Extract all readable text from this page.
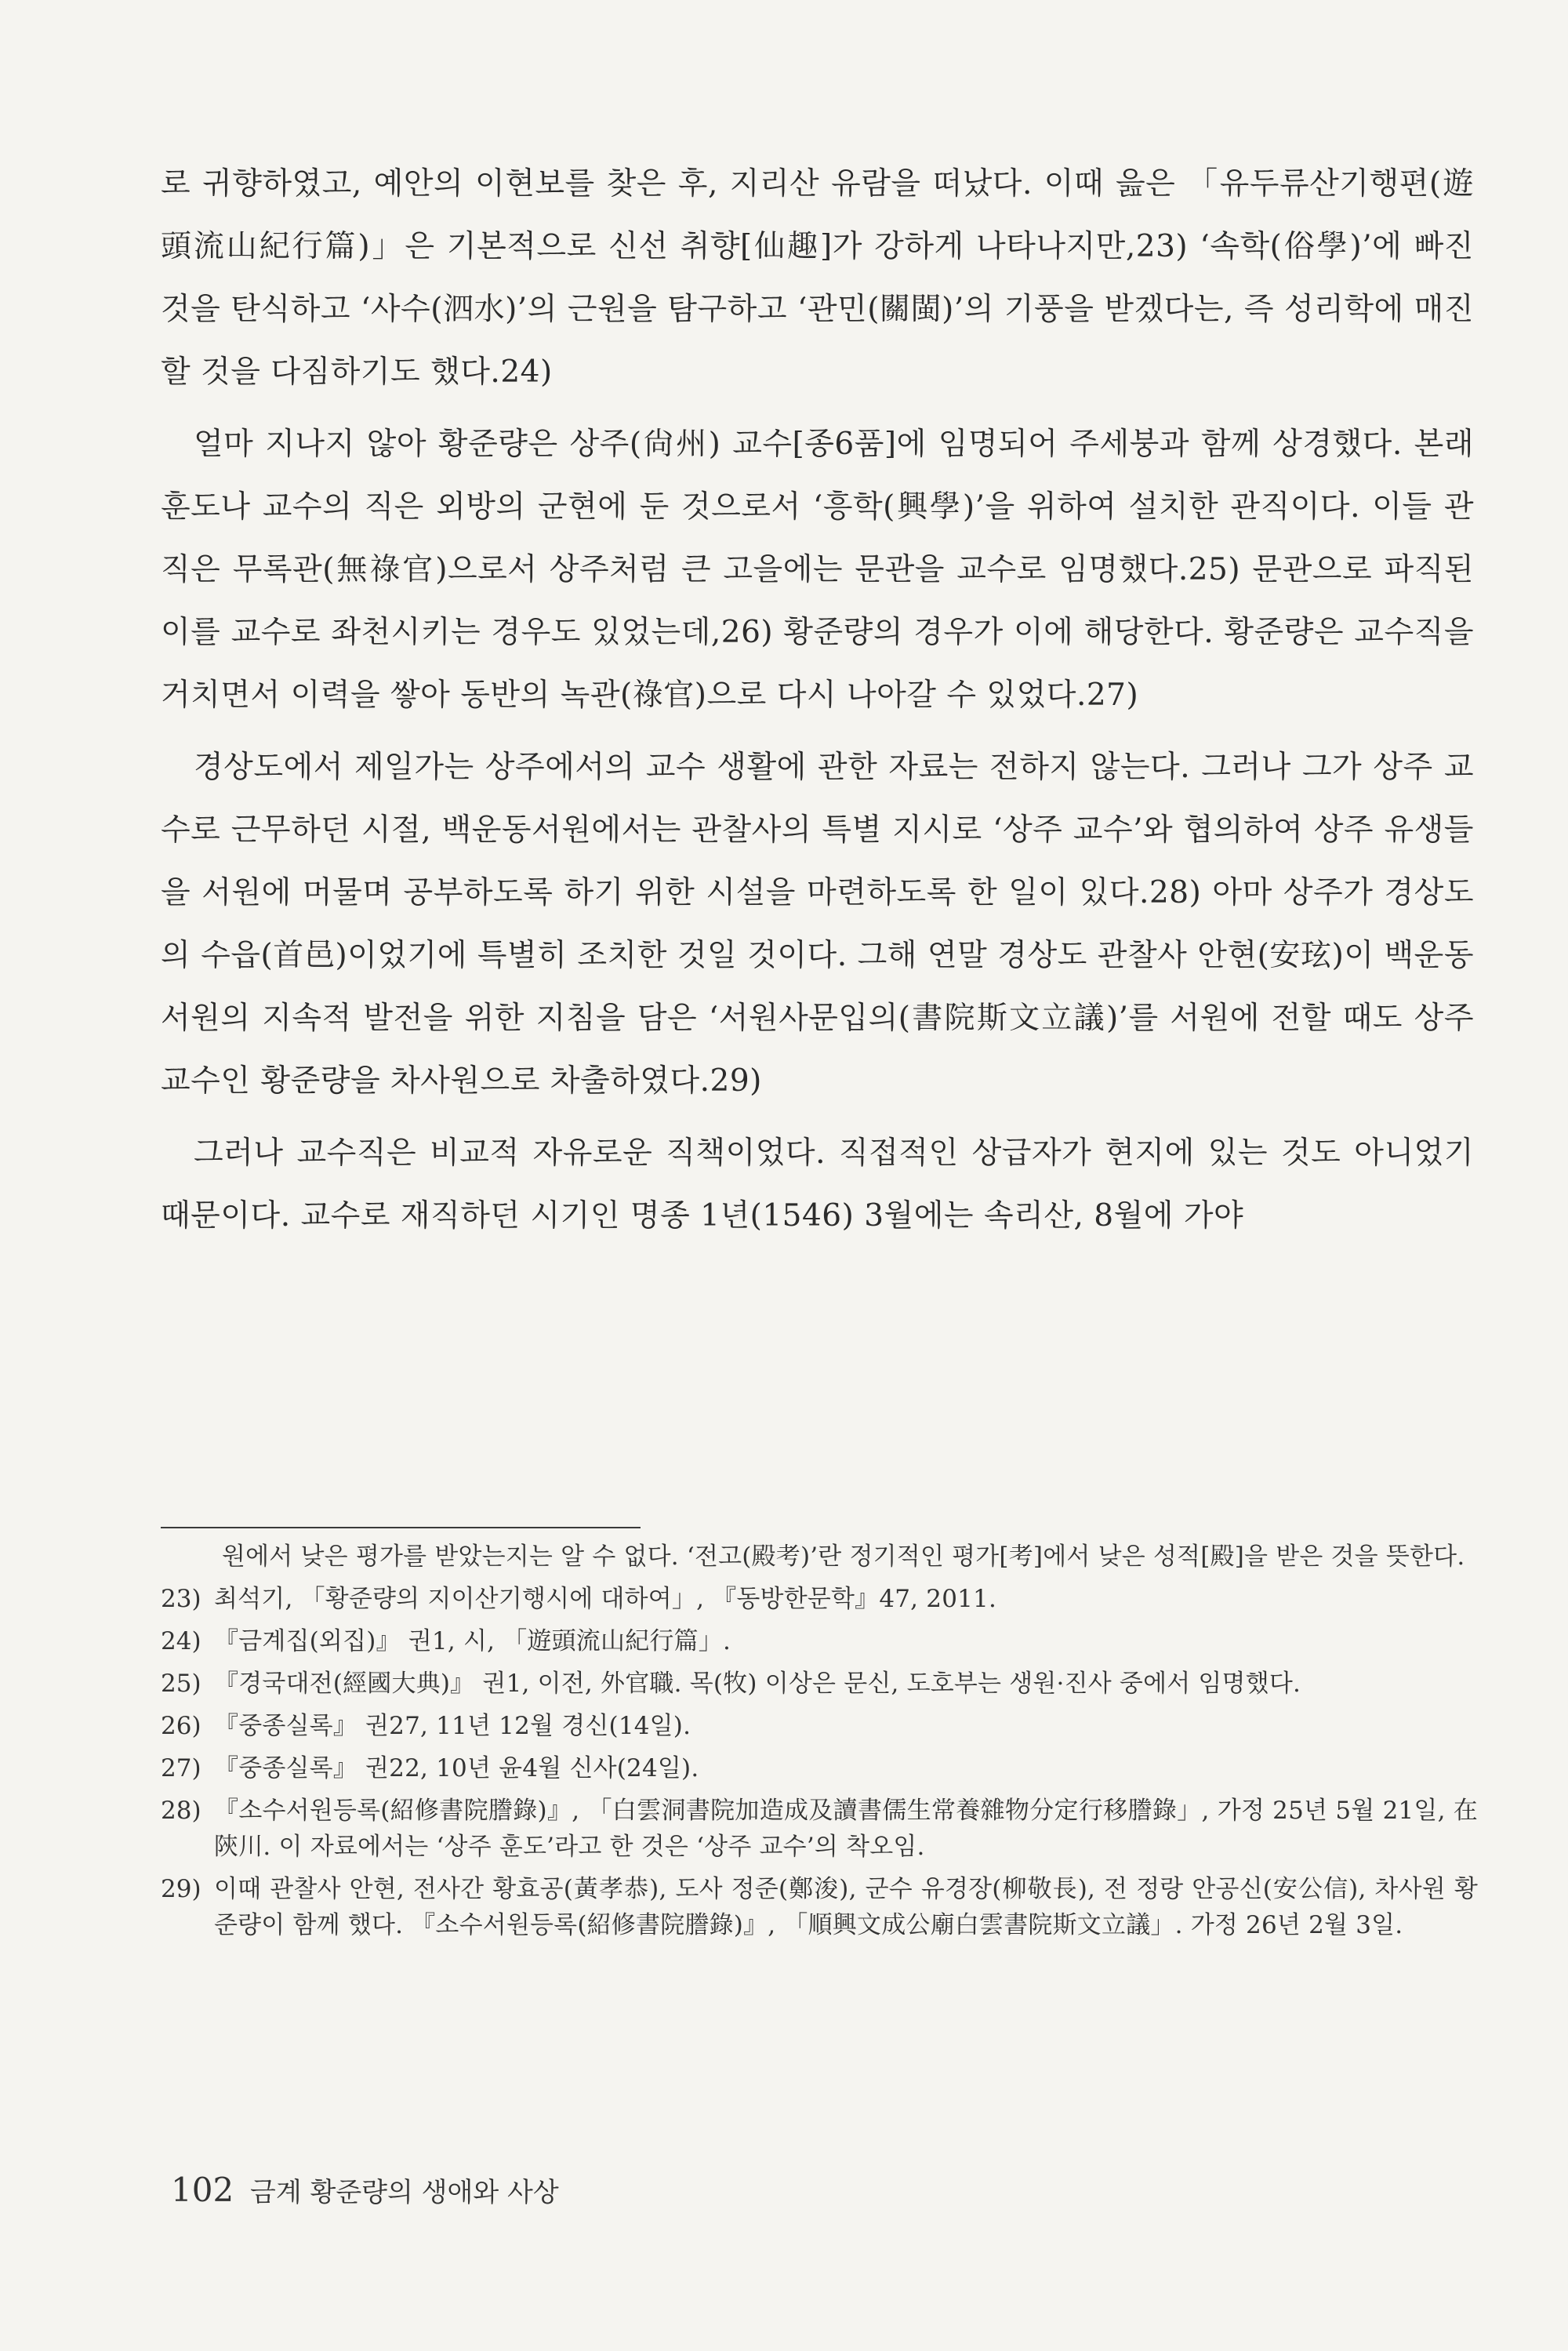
로 귀향하였고, 예안의 이현보를 찾은 후, 지리산 유람을 떠났다. 이때 읊은 「유두류산기행편(遊頭流山紀行篇)」은 기본적으로 신선 취향[仙趣]가 강하게 나타나지만,23) ‘속학(俗學)’에 빠진 것을 탄식하고 ‘사수(泗水)’의 근원을 탐구하고 ‘관민(關閩)’의 기풍을 받겠다는, 즉 성리학에 매진할 것을 다짐하기도 했다.24)

얼마 지나지 않아 황준량은 상주(尙州) 교수[종6품]에 임명되어 주세붕과 함께 상경했다. 본래 훈도나 교수의 직은 외방의 군현에 둔 것으로서 ‘흥학(興學)’을 위하여 설치한 관직이다. 이들 관직은 무록관(無祿官)으로서 상주처럼 큰 고을에는 문관을 교수로 임명했다.25) 문관으로 파직된 이를 교수로 좌천시키는 경우도 있었는데,26) 황준량의 경우가 이에 해당한다. 황준량은 교수직을 거치면서 이력을 쌓아 동반의 녹관(祿官)으로 다시 나아갈 수 있었다.27)

경상도에서 제일가는 상주에서의 교수 생활에 관한 자료는 전하지 않는다. 그러나 그가 상주 교수로 근무하던 시절, 백운동서원에서는 관찰사의 특별 지시로 ‘상주 교수’와 협의하여 상주 유생들을 서원에 머물며 공부하도록 하기 위한 시설을 마련하도록 한 일이 있다.28) 아마 상주가 경상도의 수읍(首邑)이었기에 특별히 조치한 것일 것이다. 그해 연말 경상도 관찰사 안현(安玹)이 백운동서원의 지속적 발전을 위한 지침을 담은 ‘서원사문입의(書院斯文立議)’를 서원에 전할 때도 상주 교수인 황준량을 차사원으로 차출하였다.29)

그러나 교수직은 비교적 자유로운 직책이었다. 직접적인 상급자가 현지에 있는 것도 아니었기 때문이다. 교수로 재직하던 시기인 명종 1년(1546) 3월에는 속리산, 8월에 가야

원에서 낮은 평가를 받았는지는 알 수 없다. ‘전고(殿考)’란 정기적인 평가[考]에서 낮은 성적[殿]을 받은 것을 뜻한다.
23) 최석기, 「황준량의 지이산기행시에 대하여」, 『동방한문학』47, 2011.
24) 『금계집(외집)』 권1, 시, 「遊頭流山紀行篇」.
25) 『경국대전(經國大典)』 권1, 이전, 外官職. 목(牧) 이상은 문신, 도호부는 생원·진사 중에서 임명했다.
26) 『중종실록』 권27, 11년 12월 경신(14일).
27) 『중종실록』 권22, 10년 윤4월 신사(24일).
28) 『소수서원등록(紹修書院謄錄)』, 「白雲洞書院加造成及讀書儒生常養雜物分定行移謄錄」, 가정 25년 5월 21일, 在陝川. 이 자료에서는 ‘상주 훈도’라고 한 것은 ‘상주 교수’의 착오임.
29) 이때 관찰사 안현, 전사간 황효공(黃孝恭), 도사 정준(鄭浚), 군수 유경장(柳敬長), 전 정랑 안공신(安公信), 차사원 황준량이 함께 했다. 『소수서원등록(紹修書院謄錄)』, 「順興文成公廟白雲書院斯文立議」. 가정 26년 2월 3일.
102 금계 황준량의 생애와 사상
